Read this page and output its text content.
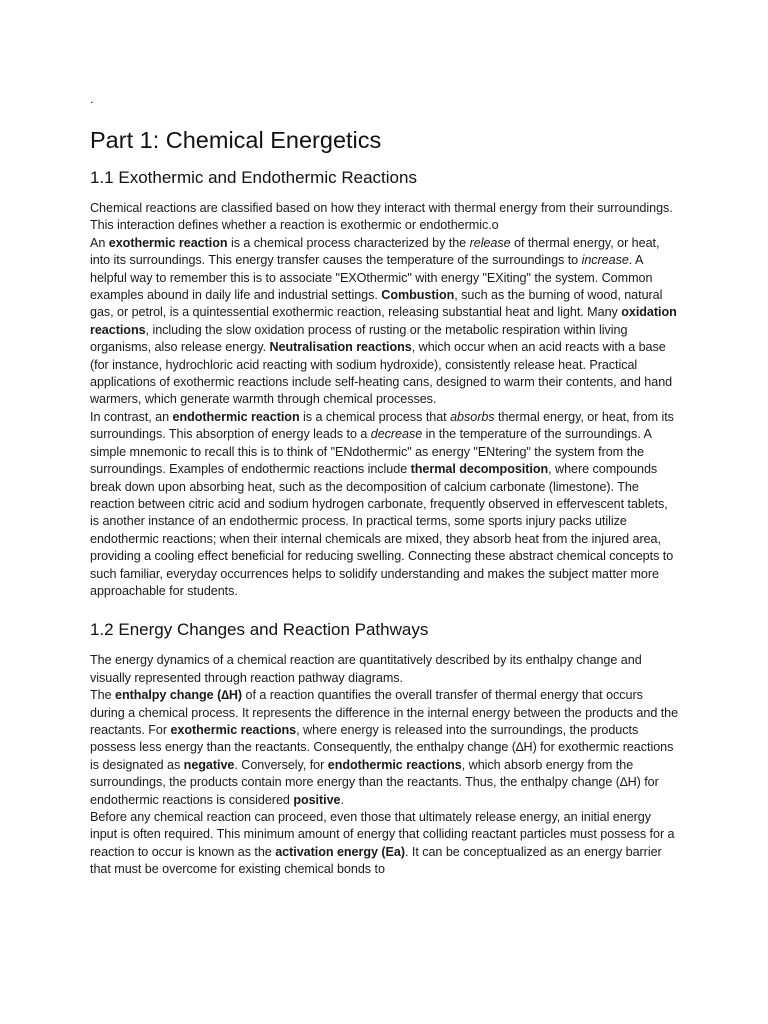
.
Part 1: Chemical Energetics
1.1 Exothermic and Endothermic Reactions

Chemical reactions are classified based on how they interact with thermal energy from their surroundings. This interaction defines whether a reaction is exothermic or endothermic.o

An exothermic reaction is a chemical process characterized by the release of thermal energy, or heat, into its surroundings. This energy transfer causes the temperature of the surroundings to increase. A helpful way to remember this is to associate "EXOthermic" with energy "EXiting" the system. Common examples abound in daily life and industrial settings. Combustion, such as the burning of wood, natural gas, or petrol, is a quintessential exothermic reaction, releasing substantial heat and light. Many oxidation reactions, including the slow oxidation process of rusting or the metabolic respiration within living organisms, also release energy. Neutralisation reactions, which occur when an acid reacts with a base (for instance, hydrochloric acid reacting with sodium hydroxide), consistently release heat. Practical applications of exothermic reactions include self-heating cans, designed to warm their contents, and hand warmers, which generate warmth through chemical processes.

In contrast, an endothermic reaction is a chemical process that absorbs thermal energy, or heat, from its surroundings. This absorption of energy leads to a decrease in the temperature of the surroundings. A simple mnemonic to recall this is to think of "ENdothermic" as energy "ENtering" the system from the surroundings. Examples of endothermic reactions include thermal decomposition, where compounds break down upon absorbing heat, such as the decomposition of calcium carbonate (limestone). The reaction between citric acid and sodium hydrogen carbonate, frequently observed in effervescent tablets, is another instance of an endothermic process. In practical terms, some sports injury packs utilize endothermic reactions; when their internal chemicals are mixed, they absorb heat from the injured area, providing a cooling effect beneficial for reducing swelling. Connecting these abstract chemical concepts to such familiar, everyday occurrences helps to solidify understanding and makes the subject matter more approachable for students.

1.2 Energy Changes and Reaction Pathways

The energy dynamics of a chemical reaction are quantitatively described by its enthalpy change and visually represented through reaction pathway diagrams.

The enthalpy change (∆H) of a reaction quantifies the overall transfer of thermal energy that occurs during a chemical process. It represents the difference in the internal energy between the products and the reactants. For exothermic reactions, where energy is released into the surroundings, the products possess less energy than the reactants. Consequently, the enthalpy change (∆H) for exothermic reactions is designated as negative. Conversely, for endothermic reactions, which absorb energy from the surroundings, the products contain more energy than the reactants. Thus, the enthalpy change (∆H) for endothermic reactions is considered positive.

Before any chemical reaction can proceed, even those that ultimately release energy, an initial energy input is often required. This minimum amount of energy that colliding reactant particles must possess for a reaction to occur is known as the activation energy (Ea). It can be conceptualized as an energy barrier that must be overcome for existing chemical bonds to
